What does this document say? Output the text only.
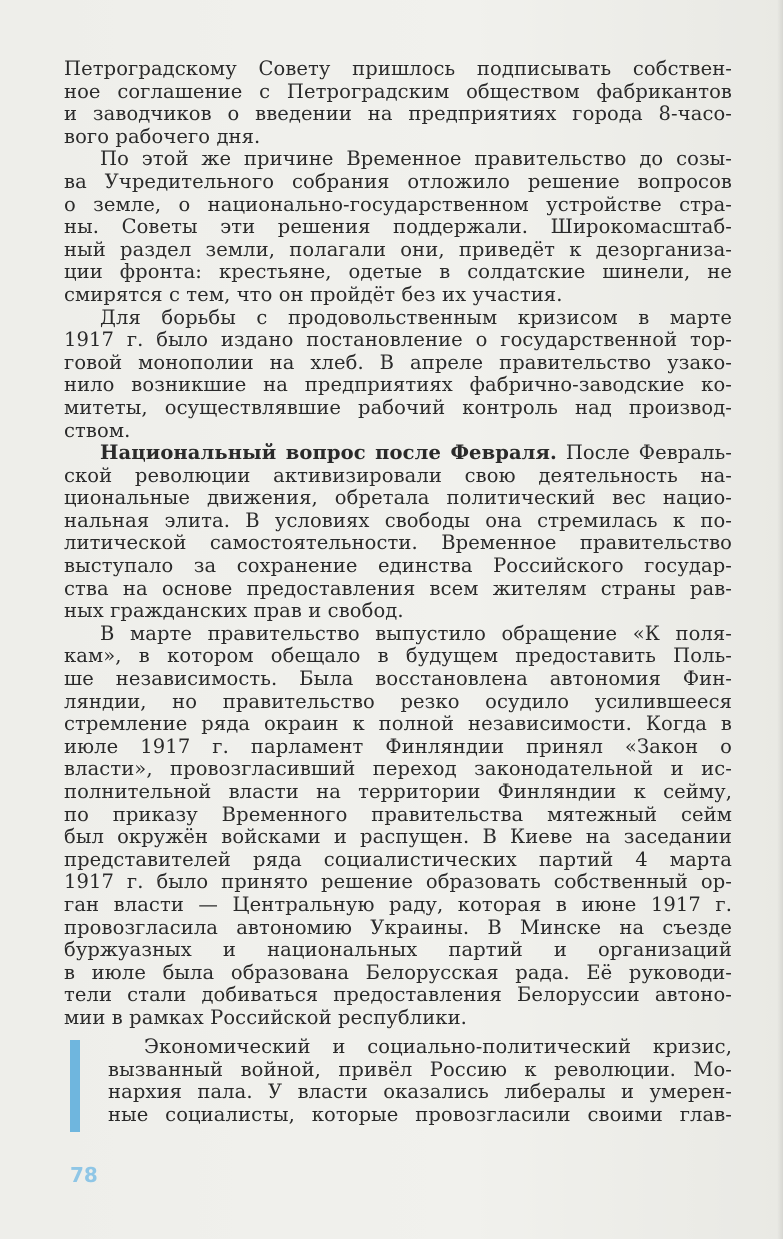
Петроградскому Совету пришлось подписывать собствен-
ное соглашение с Петроградским обществом фабрикантов
и заводчиков о введении на предприятиях города 8-часо-
вого рабочего дня.
По этой же причине Временное правительство до созы-
ва Учредительного собрания отложило решение вопросов
о земле, о национально-государственном устройстве стра-
ны. Советы эти решения поддержали. Широкомасштаб-
ный раздел земли, полагали они, приведёт к дезорганиза-
ции фронта: крестьяне, одетые в солдатские шинели, не
смирятся с тем, что он пройдёт без их участия.
Для борьбы с продовольственным кризисом в марте
1917 г. было издано постановление о государственной тор-
говой монополии на хлеб. В апреле правительство узако-
нило возникшие на предприятиях фабрично-заводские ко-
митеты, осуществлявшие рабочий контроль над производ-
ством.
Национальный вопрос после Февраля. После Февраль-
ской революции активизировали свою деятельность на-
циональные движения, обретала политический вес нацио-
нальная элита. В условиях свободы она стремилась к по-
литической самостоятельности. Временное правительство
выступало за сохранение единства Российского государ-
ства на основе предоставления всем жителям страны рав-
ных гражданских прав и свобод.
В марте правительство выпустило обращение «К поля-
кам», в котором обещало в будущем предоставить Поль-
ше независимость. Была восстановлена автономия Фин-
ляндии, но правительство резко осудило усилившееся
стремление ряда окраин к полной независимости. Когда в
июле 1917 г. парламент Финляндии принял «Закон о
власти», провозгласивший переход законодательной и ис-
полнительной власти на территории Финляндии к сейму,
по приказу Временного правительства мятежный сейм
был окружён войсками и распущен. В Киеве на заседании
представителей ряда социалистических партий 4 марта
1917 г. было принято решение образовать собственный ор-
ган власти — Центральную раду, которая в июне 1917 г.
провозгласила автономию Украины. В Минске на съезде
буржуазных и национальных партий и организаций
в июле была образована Белорусская рада. Её руководи-
тели стали добиваться предоставления Белоруссии автоно-
мии в рамках Российской республики.
Экономический и социально-политический кризис,
вызванный войной, привёл Россию к революции. Мо-
нархия пала. У власти оказались либералы и умерен-
ные социалисты, которые провозгласили своими глав-
78
